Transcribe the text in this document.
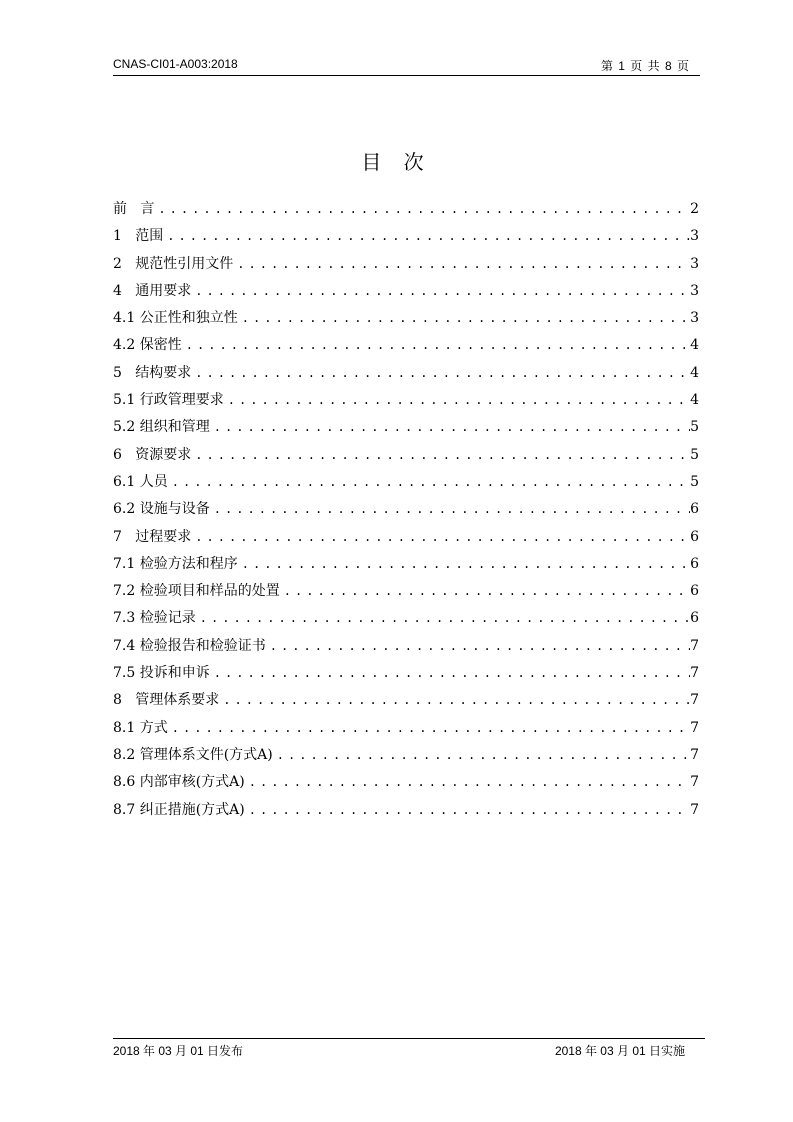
CNAS-CI01-A003:2018	第 1 页 共 8 页
目 次
前   言 . . .	2
1   范围 . . .	3
2   规范性引用文件 . . .	3
4   通用要求 . . .	3
4.1 公正性和独立性 . . .	3
4.2 保密性 . . .	4
5   结构要求 . . .	4
5.1 行政管理要求 . . .	4
5.2 组织和管理 . . .	5
6   资源要求 . . .	5
6.1 人员 . . .	5
6.2 设施与设备 . . .	6
7   过程要求 . . .	6
7.1 检验方法和程序 . . .	6
7.2 检验项目和样品的处置 . . .	6
7.3 检验记录 . . .	6
7.4 检验报告和检验证书 . . .	7
7.5 投诉和申诉 . . .	7
8   管理体系要求 . . .	7
8.1 方式 . . .	7
8.2 管理体系文件(方式A) . . .	7
8.6 内部审核(方式A) . . .	7
8.7 纠正措施(方式A) . . .	7
2018 年 03 月 01 日发布	2018 年 03 月 01 日实施
